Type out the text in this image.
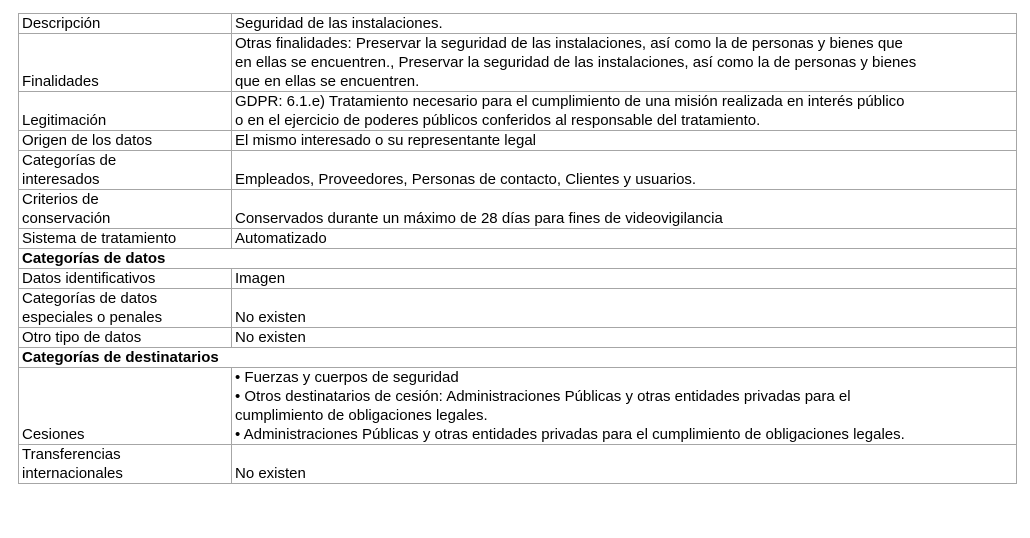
Descripción	Seguridad de las instalaciones.

Finalidades	Otras finalidades: Preservar la seguridad de las instalaciones, así como la de personas y bienes que
en ellas se encuentren., Preservar la seguridad de las instalaciones, así como la de personas y bienes
que en ellas se encuentren.

Legitimación	GDPR: 6.1.e) Tratamiento necesario para el cumplimiento de una misión realizada en interés público
o en el ejercicio de poderes públicos conferidos al responsable del tratamiento.

Origen de los datos	El mismo interesado o su representante legal

Categorías de
interesados	Empleados, Proveedores, Personas de contacto, Clientes y usuarios.

Criterios de
conservación	Conservados durante un máximo de 28 días para fines de videovigilancia

Sistema de tratamiento	Automatizado

Categorías de datos	
Datos identificativos	Imagen

Categorías de datos
especiales o penales	No existen

Otro tipo de datos	No existen

Categorías de destinatarios	
Cesiones	• Fuerzas y cuerpos de seguridad
• Otros destinatarios de cesión: Administraciones Públicas y otras entidades privadas para el
cumplimiento de obligaciones legales.
• Administraciones Públicas y otras entidades privadas para el cumplimiento de obligaciones legales.

Transferencias
internacionales	No existen
